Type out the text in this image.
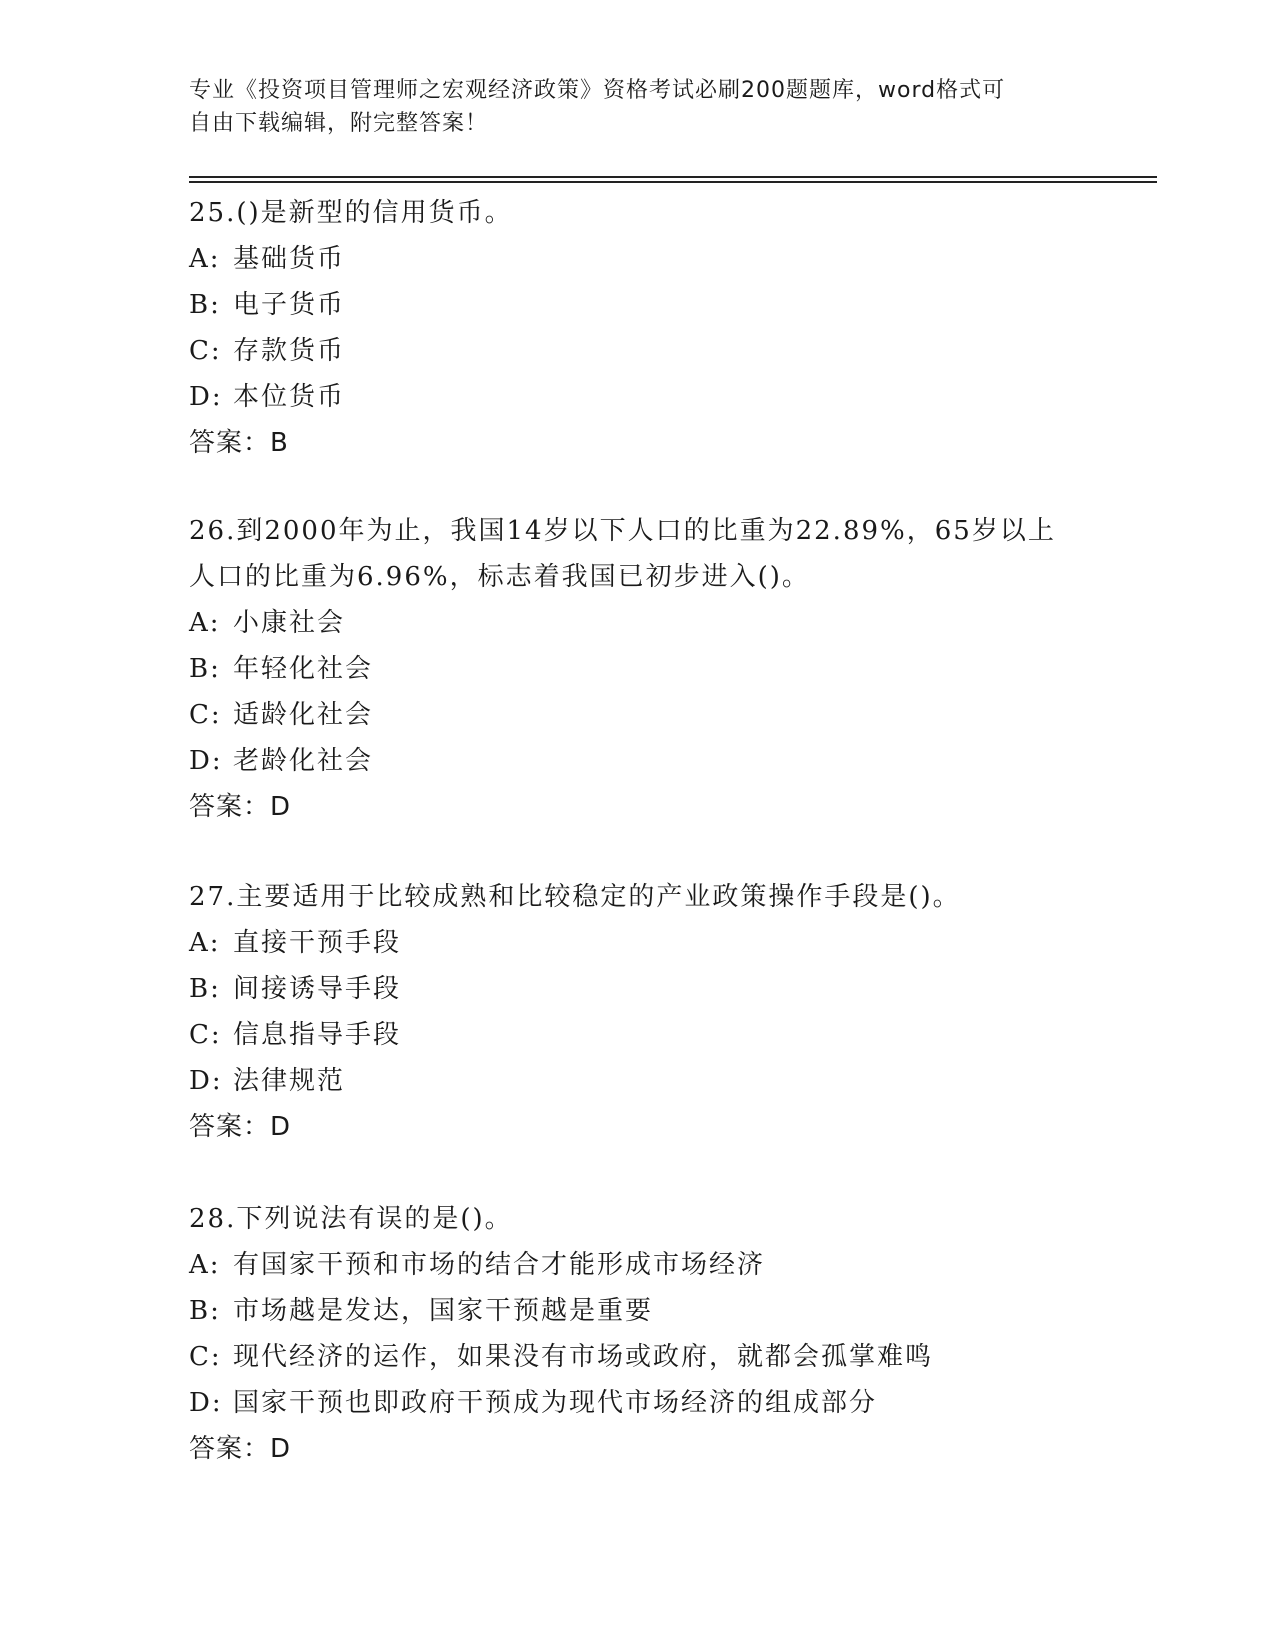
专业《投资项目管理师之宏观经济政策》资格考试必刷200题题库，word格式可
自由下载编辑，附完整答案！
25.()是新型的信用货币。
A: 基础货币
B: 电子货币
C: 存款货币
D: 本位货币
答案：B
26.到2000年为止，我国14岁以下人口的比重为22.89%，65岁以上
人口的比重为6.96%，标志着我国已初步进入()。
A: 小康社会
B: 年轻化社会
C: 适龄化社会
D: 老龄化社会
答案：D
27.主要适用于比较成熟和比较稳定的产业政策操作手段是()。
A: 直接干预手段
B: 间接诱导手段
C: 信息指导手段
D: 法律规范
答案：D
28.下列说法有误的是()。
A: 有国家干预和市场的结合才能形成市场经济
B: 市场越是发达，国家干预越是重要
C: 现代经济的运作，如果没有市场或政府，就都会孤掌难鸣
D: 国家干预也即政府干预成为现代市场经济的组成部分
答案：D
